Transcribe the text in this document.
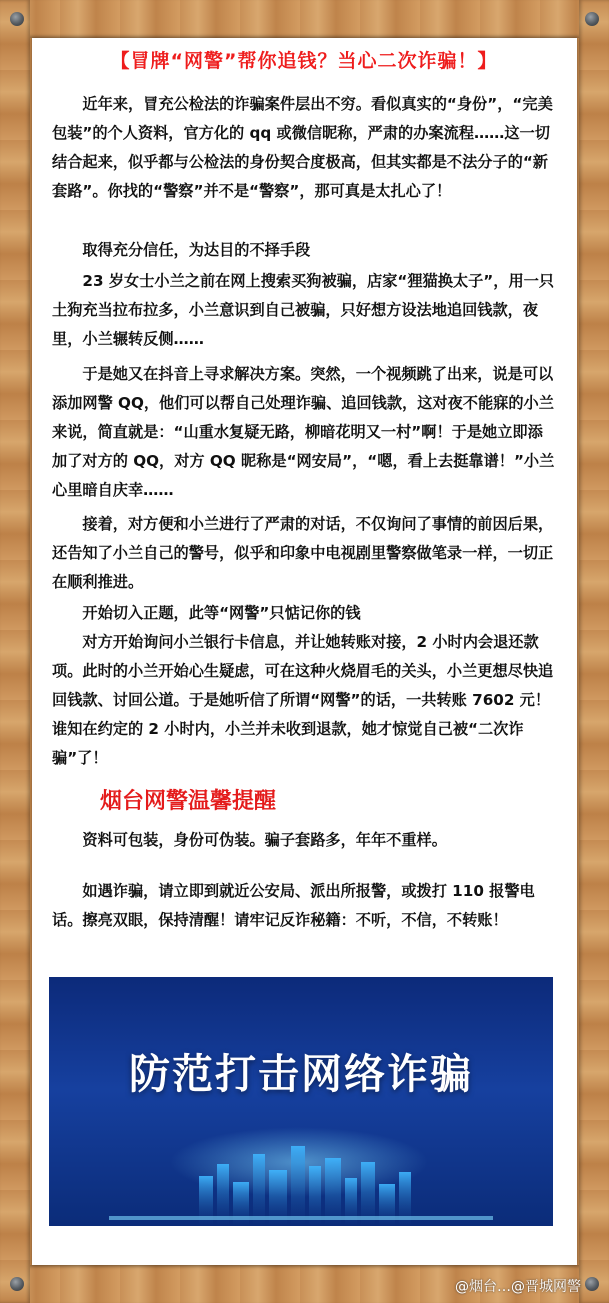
【冒牌“网警”帮你追钱？当心二次诈骗！】
近年来，冒充公检法的诈骗案件层出不穷。看似真实的“身份”，“完美包装”的个人资料，官方化的 qq 或微信昵称，严肃的办案流程……这一切结合起来，似乎都与公检法的身份契合度极高，但其实都是不法分子的“新套路”。你找的“警察”并不是“警察”，那可真是太扎心了！
取得充分信任，为达目的不择手段
23 岁女士小兰之前在网上搜索买狗被骗，店家“狸猫换太子”，用一只土狗充当拉布拉多，小兰意识到自己被骗，只好想方设法地追回钱款，夜里，小兰辗转反侧……
于是她又在抖音上寻求解决方案。突然，一个视频跳了出来，说是可以添加网警 QQ，他们可以帮自己处理诈骗、追回钱款，这对夜不能寐的小兰来说，简直就是：“山重水复疑无路，柳暗花明又一村”啊！于是她立即添加了对方的 QQ，对方 QQ 昵称是“网安局”，“嗯，看上去挺靠谱！”小兰心里暗自庆幸……
接着，对方便和小兰进行了严肃的对话，不仅询问了事情的前因后果，还告知了小兰自己的警号，似乎和印象中电视剧里警察做笔录一样，一切正在顺利推进。
开始切入正题，此等“网警”只惦记你的钱
对方开始询问小兰银行卡信息，并让她转账对接，2 小时内会退还款项。此时的小兰开始心生疑虑，可在这种火烧眉毛的关头，小兰更想尽快追回钱款、讨回公道。于是她听信了所谓“网警”的话，一共转账 7602 元！谁知在约定的 2 小时内，小兰并未收到退款，她才惊觉自己被“二次诈骗”了！
烟台网警温馨提醒
资料可包装，身份可伪装。骗子套路多，年年不重样。
如遇诈骗，请立即到就近公安局、派出所报警，或拨打 110 报警电话。擦亮双眼，保持清醒！请牢记反诈秘籍：不听，不信，不转账！
防范打击网络诈骗
@烟台…@晋城网警
